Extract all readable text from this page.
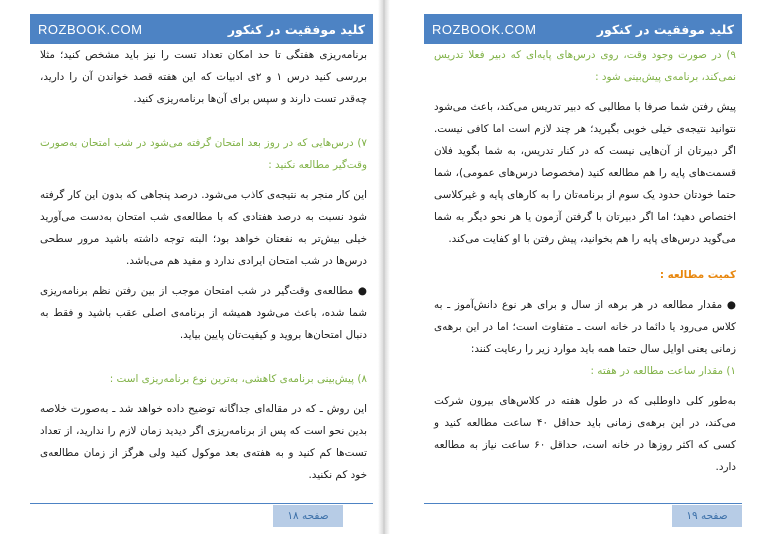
ROZBOOK.COM	کلید موفقیت در کنکور

برنامه‌ریزی هفتگی تا حد امکان تعداد تست را نیز باید مشخص کنید؛ مثلا بررسی کنید درس ۱ و ۲ی ادبیات که این هفته قصد خواندن آن را دارید، چه‌قدر تست دارند و سپس برای آن‌ها برنامه‌ریزی کنید.

۷) درس‌هایی که در روز بعد امتحان گرفته می‌شود در شب امتحان به‌صورت وقت‌گیر مطالعه نکنید :

این کار منجر به نتیجه‌ی کاذب می‌شود. درصد پنجاهی که بدون این کار گرفته شود نسبت به درصد هفتادی که با مطالعه‌ی شب امتحان به‌دست می‌آورید خیلی بیش‌تر به نفعتان خواهد بود؛ البته توجه داشته باشید مرور سطحی درس‌ها در شب امتحان ایرادی ندارد و مفید هم می‌باشد.

● مطالعه‌ی وقت‌گیر در شب امتحان موجب از بین رفتن نظم برنامه‌ریزی شما شده، باعث می‌شود همیشه از برنامه‌ی اصلی عقب باشید و فقط به دنبال امتحان‌ها بروید و کیفیت‌تان پایین بیاید.

۸) پیش‌بینی برنامه‌ی کاهشی، به‌ترین نوع برنامه‌ریزی است :

این روش ـ که در مقاله‌ای جداگانه توضیح داده خواهد شد ـ به‌صورت خلاصه بدین نحو است که پس از برنامه‌ریزی اگر دیدید زمان لازم را ندارید، از تعداد تست‌ها کم کنید و به هفته‌ی بعد موکول کنید ولی هرگز از زمان مطالعه‌ی خود کم نکنید.

صفحه ۱۸
ROZBOOK.COM	کلید موفقیت در کنکور

۹) در صورت وجود وقت، روی درس‌های پایه‌ای که دبیر فعلا تدریس نمی‌کند، برنامه‌ی پیش‌بینی شود :

پیش رفتن شما صرفا با مطالبی که دبیر تدریس می‌کند، باعث می‌شود نتوانید نتیجه‌ی خیلی خوبی بگیرید؛ هر چند لازم است اما کافی نیست. اگر دبیرتان از آن‌هایی نیست که در کنار تدریس، به شما بگوید فلان قسمت‌های پایه را هم مطالعه کنید (مخصوصا درس‌های عمومی)، شما حتما خودتان حدود یک سوم از برنامه‌تان را به کارهای پایه و غیرکلاسی اختصاص دهید؛ اما اگر دبیرتان با گرفتن آزمون یا هر نحو دیگر به شما می‌گوید درس‌های پایه را هم بخوانید، پیش رفتن با او کفایت می‌کند.

کمیت مطالعه :

● مقدار مطالعه در هر برهه از سال و برای هر نوع دانش‌آموز ـ به کلاس می‌رود یا دائما در خانه است ـ متفاوت است؛ اما در این برهه‌ی زمانی یعنی اوایل سال حتما همه باید موارد زیر را رعایت کنند:

۱) مقدار ساعت مطالعه در هفته :

به‌طور کلی داوطلبی که در طول هفته در کلاس‌های بیرون شرکت می‌کند، در این برهه‌ی زمانی باید حداقل ۴۰ ساعت مطالعه کنید و کسی که اکثر روزها در خانه است، حداقل ۶۰ ساعت نیاز به مطالعه دارد.

صفحه ۱۹
